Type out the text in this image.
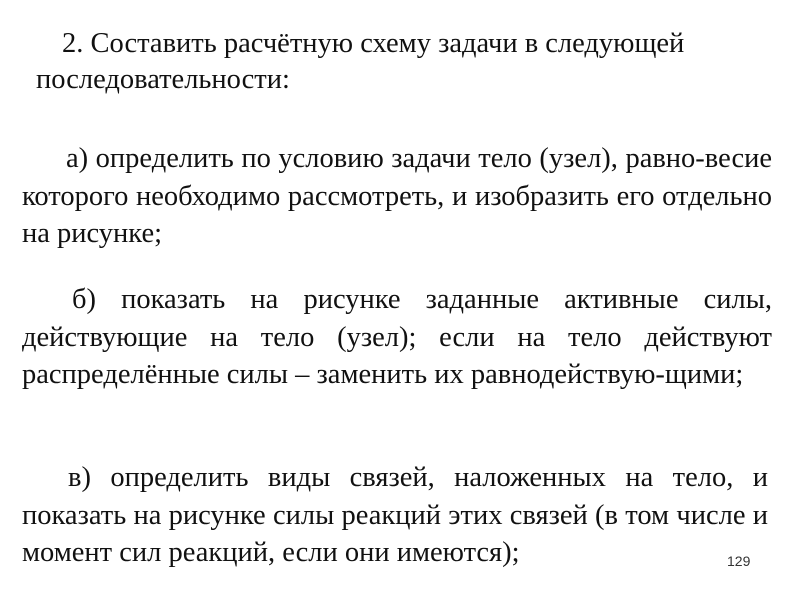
2. Составить расчётную схему задачи в следующей последовательности:

а) определить по условию задачи тело (узел), равно-весие которого необходимо рассмотреть, и изобразить его отдельно на рисунке;

б) показать на рисунке заданные активные силы, действующие на тело (узел); если на тело действуют распределённые силы – заменить их равнодействую-щими;

в) определить виды связей, наложенных на тело, и показать на рисунке силы реакций этих связей (в том числе и момент сил реакций, если они имеются);	129
